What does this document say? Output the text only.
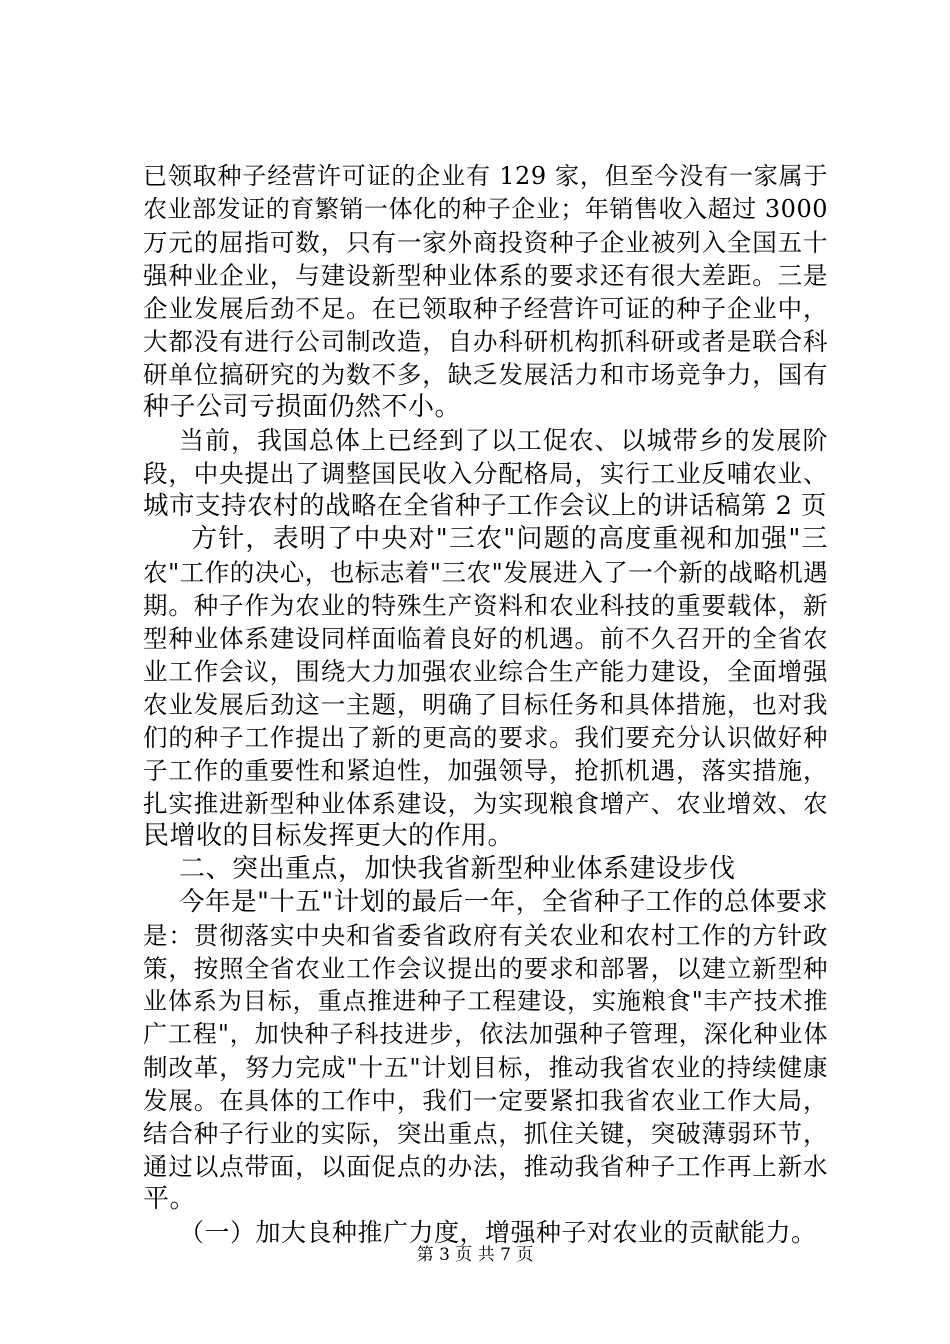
已领取种子经营许可证的企业有 129 家，但至今没有一家属于
农业部发证的育繁销一体化的种子企业；年销售收入超过 3000
万元的屈指可数，只有一家外商投资种子企业被列入全国五十
强种业企业，与建设新型种业体系的要求还有很大差距。三是
企业发展后劲不足。在已领取种子经营许可证的种子企业中，
大都没有进行公司制改造，自办科研机构抓科研或者是联合科
研单位搞研究的为数不多，缺乏发展活力和市场竞争力，国有
种子公司亏损面仍然不小。
当前，我国总体上已经到了以工促农、以城带乡的发展阶
段，中央提出了调整国民收入分配格局，实行工业反哺农业、
城市支持农村的战略在全省种子工作会议上的讲话稿第 2 页
方针，表明了中央对"三农"问题的高度重视和加强"三
农"工作的决心，也标志着"三农"发展进入了一个新的战略机遇
期。种子作为农业的特殊生产资料和农业科技的重要载体，新
型种业体系建设同样面临着良好的机遇。前不久召开的全省农
业工作会议，围绕大力加强农业综合生产能力建设，全面增强
农业发展后劲这一主题，明确了目标任务和具体措施，也对我
们的种子工作提出了新的更高的要求。我们要充分认识做好种
子工作的重要性和紧迫性，加强领导，抢抓机遇，落实措施，
扎实推进新型种业体系建设，为实现粮食增产、农业增效、农
民增收的目标发挥更大的作用。
二、突出重点，加快我省新型种业体系建设步伐
今年是"十五"计划的最后一年，全省种子工作的总体要求
是：贯彻落实中央和省委省政府有关农业和农村工作的方针政
策，按照全省农业工作会议提出的要求和部署，以建立新型种
业体系为目标，重点推进种子工程建设，实施粮食"丰产技术推
广工程"，加快种子科技进步，依法加强种子管理，深化种业体
制改革，努力完成"十五"计划目标，推动我省农业的持续健康
发展。在具体的工作中，我们一定要紧扣我省农业工作大局，
结合种子行业的实际，突出重点，抓住关键，突破薄弱环节，
通过以点带面，以面促点的办法，推动我省种子工作再上新水
平。
（一）加大良种推广力度，增强种子对农业的贡献能力。
第 3 页 共 7 页
